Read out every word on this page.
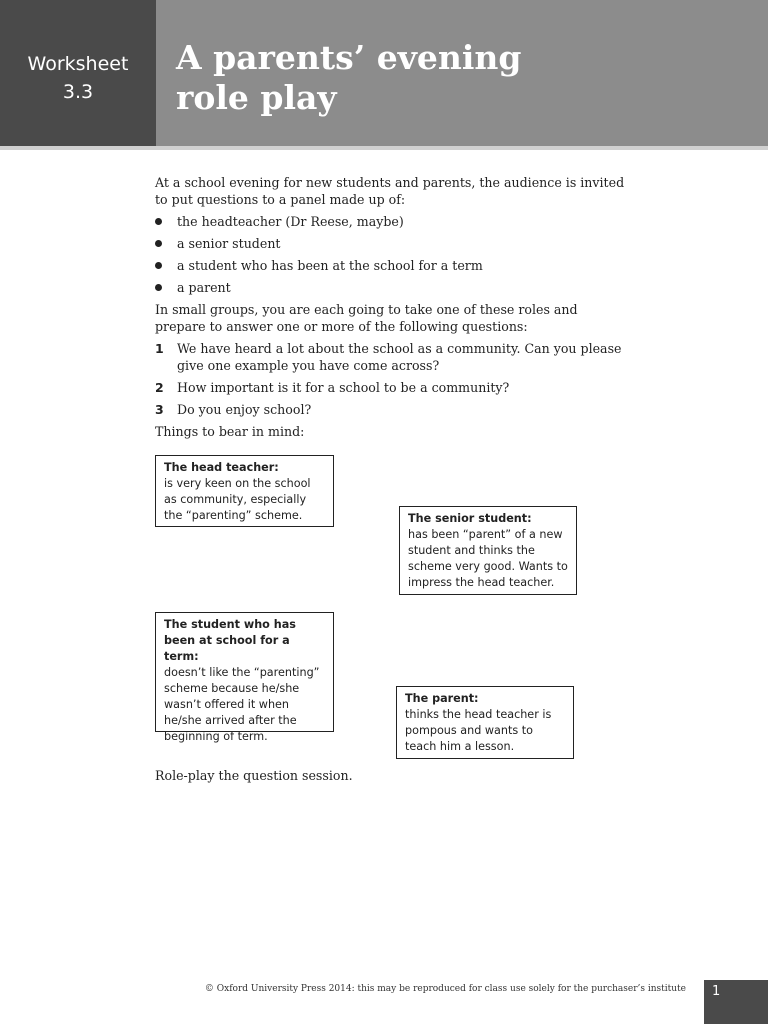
Worksheet
3.3
A parents’ evening
role play

At a school evening for new students and parents, the audience is invited to put questions to a panel made up of:

the headteacher (Dr Reese, maybe)
a senior student
a student who has been at the school for a term
a parent

In small groups, you are each going to take one of these roles and prepare to answer one or more of the following questions:

1 We have heard a lot about the school as a community. Can you please give one example you have come across?
2 How important is it for a school to be a community?
3 Do you enjoy school?

Things to bear in mind:

The head teacher:
is very keen on the school as community, especially the “parenting” scheme.	The senior student:
has been “parent” of a new student and thinks the scheme very good. Wants to impress the head teacher.
The student who has been at school for a term:
doesn’t like the “parenting” scheme because he/she wasn’t offered it when he/she arrived after the beginning of term.
The parent:
thinks the head teacher is pompous and wants to teach him a lesson.
Role-play the question session.
© Oxford University Press 2014: this may be reproduced for class use solely for the purchaser’s institute 1
